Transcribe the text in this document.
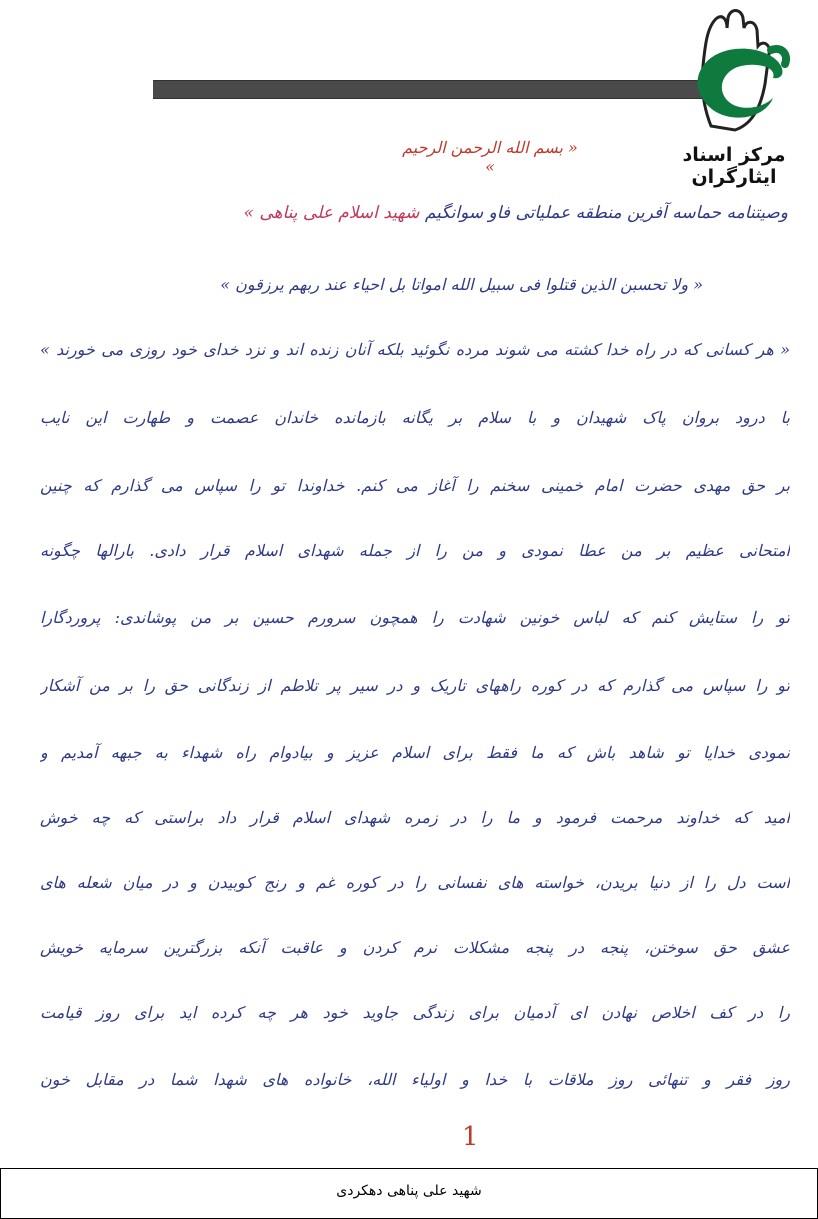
مرکز اسناد ایثارگران
« بسم الله الرحمن الرحیم »
وصیتنامه حماسه آفرین منطقه عملیاتی فاو سوانگیم شهید اسلام علی پناهی »
« ولا تحسبن الذین قتلوا فی سبیل الله امواتا بل احیاء عند ربهم یرزقون »
« هر کسانی که در راه خدا کشته می شوند مرده نگوئید بلکه آنان زنده اند و نزد خدای خود روزی می خورند »
با درود بروان پاک شهیدان و با سلام بر یگانه بازمانده خاندان عصمت و طهارت این نایب
بر حق مهدی حضرت امام خمینی سخنم را آغاز می کنم. خداوندا تو را سپاس می گذارم که چنین
امتحانی عظیم بر من عطا نمودی و من را از جمله شهدای اسلام قرار دادی. بارالها چگونه
تو را ستایش کنم که لباس خونین شهادت را همچون سرورم حسین بر من پوشاندی: پروردگارا
تو را سپاس می گذارم که در کوره راههای تاریک و در سیر پر تلاطم از زندگانی حق را بر من آشکار
نمودی خدایا تو شاهد باش که ما فقط برای اسلام عزیز و بیادوام راه شهداء به جبهه آمدیم و
امید که خداوند مرحمت فرمود و ما را در زمره شهدای اسلام قرار داد براستی که چه خوش
است دل را از دنیا بریدن، خواسته های نفسانی را در کوره غم و رنج کوبیدن و در میان شعله های
عشق حق سوختن، پنجه در پنجه مشکلات نرم کردن و عاقبت آنکه بزرگترین سرمایه خویش
را در کف اخلاص نهادن ای آدمیان برای زندگی جاوید خود هر چه کرده اید برای روز قیامت
روز فقر و تنهائی روز ملاقات با خدا و اولیاء الله، خانواده های شهدا شما در مقابل خون
1
شهید علی پناهی دهکردی
